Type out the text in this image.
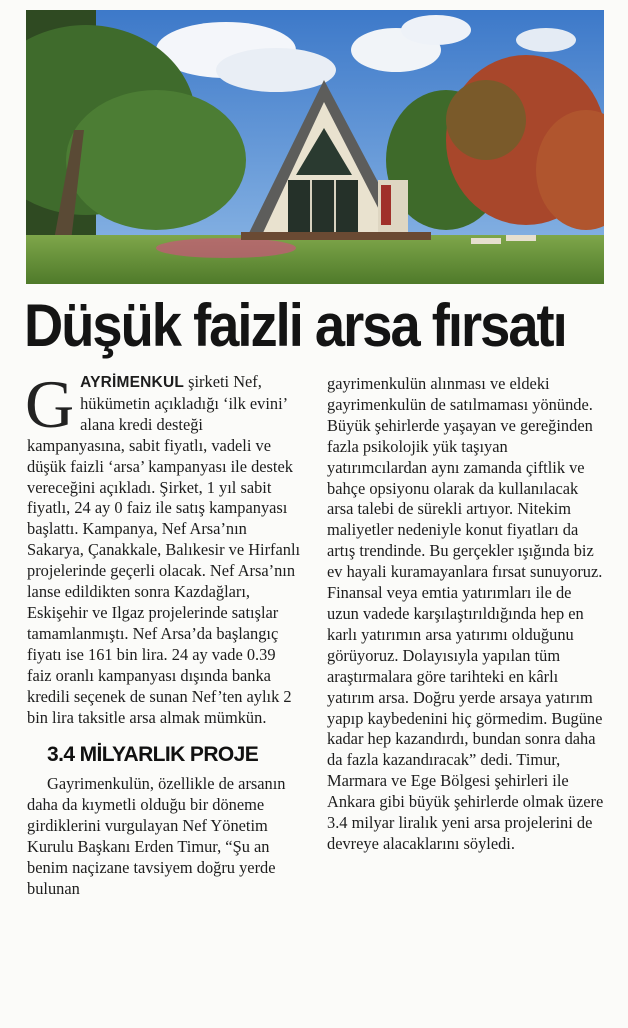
Düşük faizli arsa fırsatı

GAYRİMENKUL şirketi Nef, hükümetin açıkladığı ‘ilk evini’ alana kredi desteği kampanyasına, sabit fiyatlı, vadeli ve düşük faizli ‘arsa’ kampanyası ile destek vereceğini açıkladı. Şirket, 1 yıl sabit fiyatlı, 24 ay 0 faiz ile satış kampanyası başlattı. Kampanya, Nef Arsa’nın Sakarya, Çanakkale, Balıkesir ve Hirfanlı projelerinde geçerli olacak. Nef Arsa’nın lanse edildikten sonra Kazdağları, Eskişehir ve Ilgaz projelerinde satışlar tamamlanmıştı. Nef Arsa’da başlangıç fiyatı ise 161 bin lira. 24 ay vade 0.39 faiz oranlı kampanyası dışında banka kredili seçenek de sunan Nef’ten aylık 2 bin lira taksitle arsa almak mümkün.

3.4 MİLYARLIK PROJE

Gayrimenkulün, özellikle de arsanın daha da kıymetli olduğu bir döneme girdiklerini vurgulayan Nef Yönetim Kurulu Başkanı Erden Timur, “Şu an benim naçizane tavsiyem doğru yerde bulunan

gayrimenkulün alınması ve eldeki gayrimenkulün de satılmaması yönünde. Büyük şehirlerde yaşayan ve gereğinden fazla psikolojik yük taşıyan yatırımcılardan aynı zamanda çiftlik ve bahçe opsiyonu olarak da kullanılacak arsa talebi de sürekli artıyor. Nitekim maliyetler nedeniyle konut fiyatları da artış trendinde. Bu gerçekler ışığında biz ev hayali kuramayanlara fırsat sunuyoruz. Finansal veya emtia yatırımları ile de uzun vadede karşılaştırıldığında hep en karlı yatırımın arsa yatırımı olduğunu görüyoruz. Dolayısıyla yapılan tüm araştırmalara göre tarihteki en kârlı yatırım arsa. Doğru yerde arsaya yatırım yapıp kaybedenini hiç görmedim. Bugüne kadar hep kazandırdı, bundan sonra daha da fazla kazandıracak” dedi. Timur, Marmara ve Ege Bölgesi şehirleri ile Ankara gibi büyük şehirlerde olmak üzere 3.4 milyar liralık yeni arsa projelerini de devreye alacaklarını söyledi.
